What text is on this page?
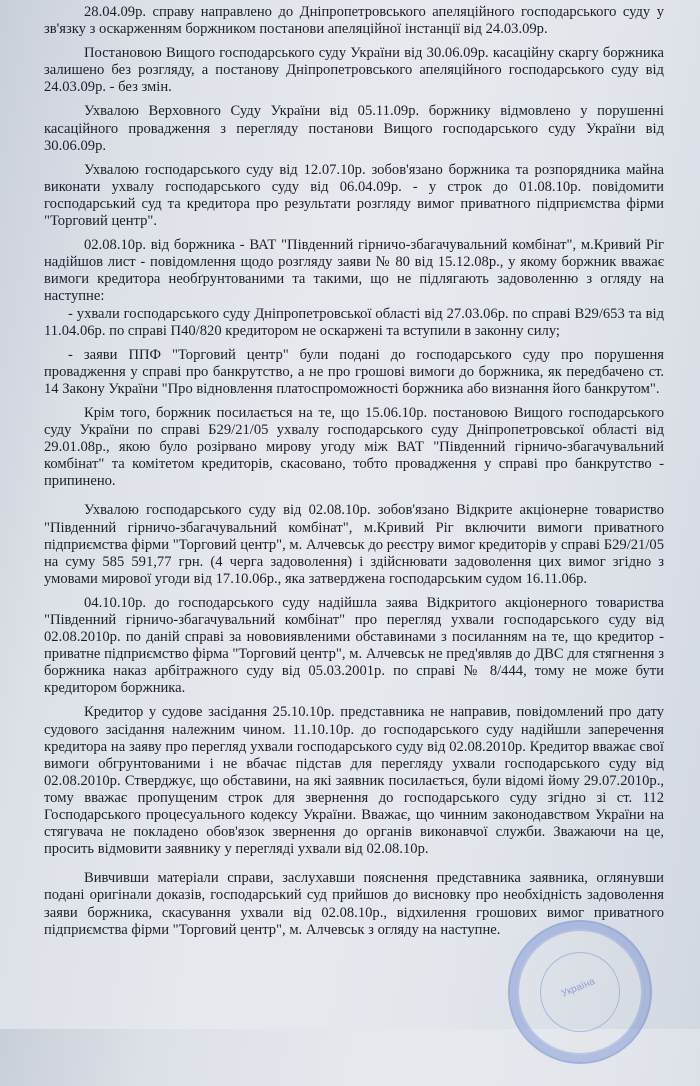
28.04.09р. справу направлено до Дніпропетровського апеляційного господарського суду у зв'язку з оскарженням боржником постанови апеляційної інстанції від 24.03.09р.

Постановою Вищого господарського суду України від 30.06.09р. касаційну скаргу боржника залишено без розгляду, а постанову Дніпропетровського апеляційного господарського суду від 24.03.09р. - без змін.

Ухвалою Верховного Суду України від 05.11.09р. боржнику відмовлено у порушенні касаційного провадження з перегляду постанови Вищого господарського суду України від 30.06.09р.

Ухвалою господарського суду від 12.07.10р. зобов'язано боржника та розпорядника майна виконати ухвалу господарського суду від 06.04.09р. - у строк до 01.08.10р. повідомити господарський суд та кредитора про результати розгляду вимог приватного підприємства фірми "Торговий центр".

02.08.10р. від боржника - ВАТ "Південний гірничо-збагачувальний комбінат", м.Кривий Ріг надійшов лист - повідомлення щодо розгляду заяви № 80 від 15.12.08р., у якому боржник вважає вимоги кредитора необґрунтованими та такими, що не підлягають задоволенню з огляду на наступне:

- ухвали господарського суду Дніпропетровської області від 27.03.06р. по справі В29/653 та від 11.04.06р. по справі П40/820 кредитором не оскаржені та вступили в законну силу;

- заяви ППФ "Торговий центр" були подані до господарського суду про порушення провадження у справі про банкрутство, а не про грошові вимоги до боржника, як передбачено ст. 14 Закону України "Про відновлення платоспроможності боржника або визнання його банкрутом".

Крім того, боржник посилається на те, що 15.06.10р. постановою Вищого господарського суду України по справі Б29/21/05 ухвалу господарського суду Дніпропетровської області від 29.01.08р., якою було розірвано мирову угоду між ВАТ "Південний гірничо-збагачувальний комбінат" та комітетом кредиторів, скасовано, тобто провадження у справі про банкрутство - припинено.

Ухвалою господарського суду від 02.08.10р. зобов'язано Відкрите акціонерне товариство "Південний гірничо-збагачувальний комбінат", м.Кривий Ріг включити вимоги приватного підприємства фірми "Торговий центр", м. Алчевськ до реєстру вимог кредиторів у справі Б29/21/05 на суму 585 591,77 грн. (4 черга задоволення) і здійснювати задоволення цих вимог згідно з умовами мирової угоди від 17.10.06р., яка затверджена господарським судом 16.11.06р.

04.10.10р. до господарського суду надійшла заява Відкритого акціонерного товариства "Південний гірничо-збагачувальний комбінат" про перегляд ухвали господарського суду від 02.08.2010р. по даній справі за нововиявленими обставинами з посиланням на те, що кредитор - приватне підприємство фірма "Торговий центр", м. Алчевськ не пред'являв до ДВС для стягнення з боржника наказ арбітражного суду від 05.03.2001р. по справі № 8/444, тому не може бути кредитором боржника.

Кредитор у судове засідання 25.10.10р. представника не направив, повідомлений про дату судового засідання належним чином. 11.10.10р. до господарського суду надійшли заперечення кредитора на заяву про перегляд ухвали господарського суду від 02.08.2010р. Кредитор вважає свої вимоги обгрунтованими і не вбачає підстав для перегляду ухвали господарського суду від 02.08.2010р. Стверджує, що обставини, на які заявник посилається, були відомі йому 29.07.2010р., тому вважає пропущеним строк для звернення до господарського суду згідно зі ст. 112 Господарського процесуального кодексу України. Вважає, що чинним законодавством України на стягувача не покладено обов'язок звернення до органів виконавчої служби. Зважаючи на це, просить відмовити заявнику у перегляді ухвали від 02.08.10р.

Вивчивши матеріали справи, заслухавши пояснення представника заявника, оглянувши подані оригінали доказів, господарський суд прийшов до висновку про необхідність задоволення заяви боржника, скасування ухвали від 02.08.10р., відхилення грошових вимог приватного підприємства фірми "Торговий центр", м. Алчевськ з огляду на наступне.

Україна
